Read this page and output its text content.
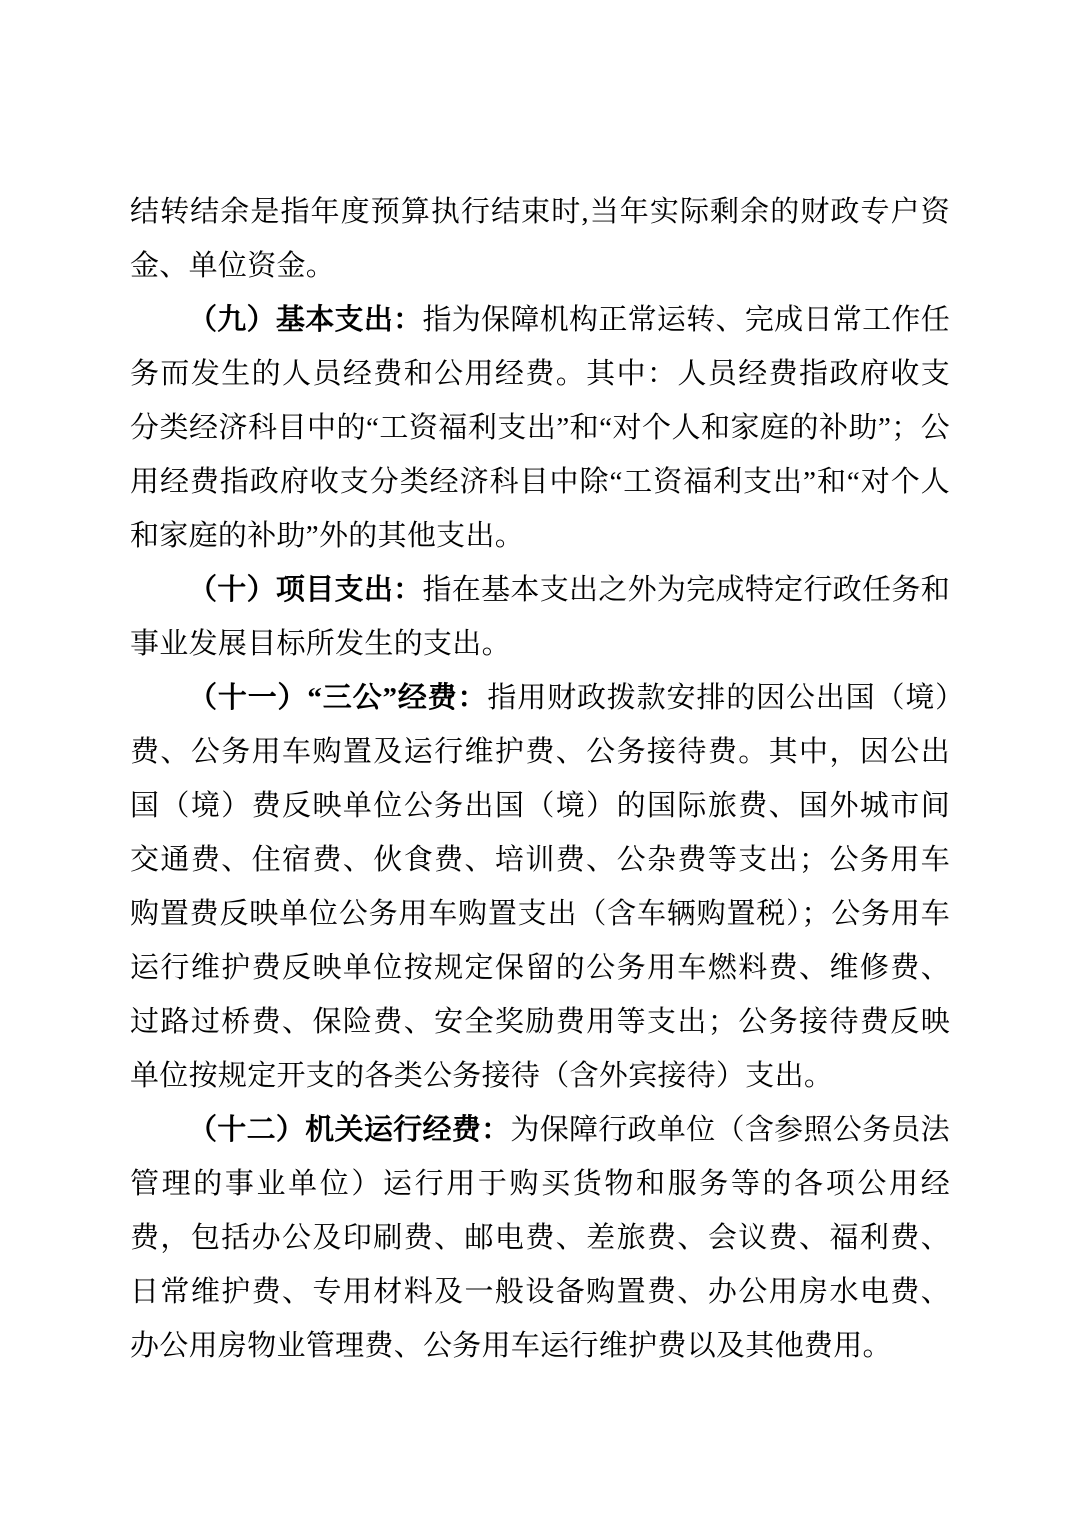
结转结余是指年度预算执行结束时,当年实际剩余的财政专户资金、单位资金。

（九）基本支出：指为保障机构正常运转、完成日常工作任务而发生的人员经费和公用经费。其中：人员经费指政府收支分类经济科目中的“工资福利支出”和“对个人和家庭的补助”；公用经费指政府收支分类经济科目中除“工资福利支出”和“对个人和家庭的补助”外的其他支出。

（十）项目支出：指在基本支出之外为完成特定行政任务和事业发展目标所发生的支出。

（十一）“三公”经费：指用财政拨款安排的因公出国（境）费、公务用车购置及运行维护费、公务接待费。其中，因公出国（境）费反映单位公务出国（境）的国际旅费、国外城市间交通费、住宿费、伙食费、培训费、公杂费等支出；公务用车购置费反映单位公务用车购置支出（含车辆购置税）；公务用车运行维护费反映单位按规定保留的公务用车燃料费、维修费、过路过桥费、保险费、安全奖励费用等支出；公务接待费反映单位按规定开支的各类公务接待（含外宾接待）支出。

（十二）机关运行经费：为保障行政单位（含参照公务员法管理的事业单位）运行用于购买货物和服务等的各项公用经费，包括办公及印刷费、邮电费、差旅费、会议费、福利费、日常维护费、专用材料及一般设备购置费、办公用房水电费、办公用房物业管理费、公务用车运行维护费以及其他费用。
